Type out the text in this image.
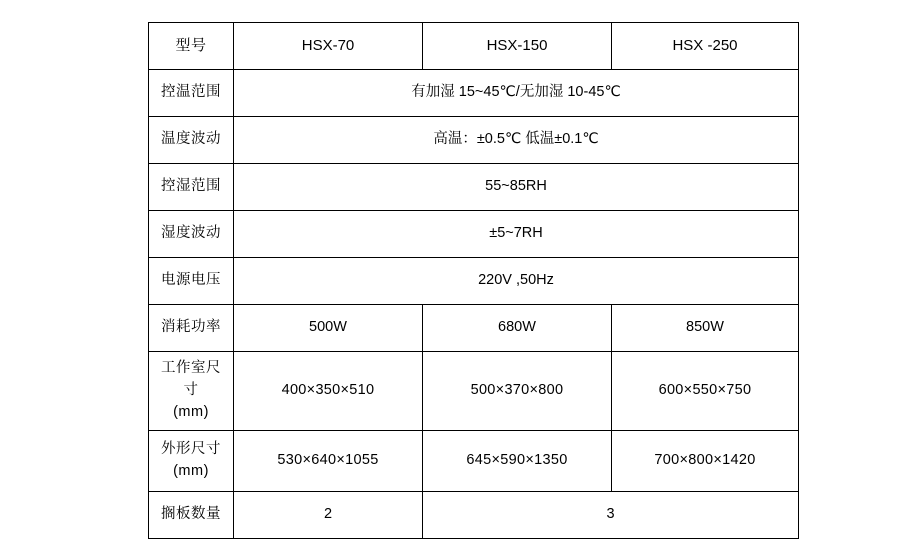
型号	HSX-70	HSX-150	HSX -250
控温范围	有加湿 15~45℃/无加湿 10-45℃		
温度波动	高温：±0.5℃ 低温±0.1℃		
控湿范围	55~85RH		
湿度波动	±5~7RH		
电源电压	220V ,50Hz		
消耗功率	500W	680W	850W

工作室尺
寸
(mm)	400×350×510	500×370×800	600×550×750

外形尺寸
(mm)	530×640×1055	645×590×1350	700×800×1420
搁板数量	2	3	
